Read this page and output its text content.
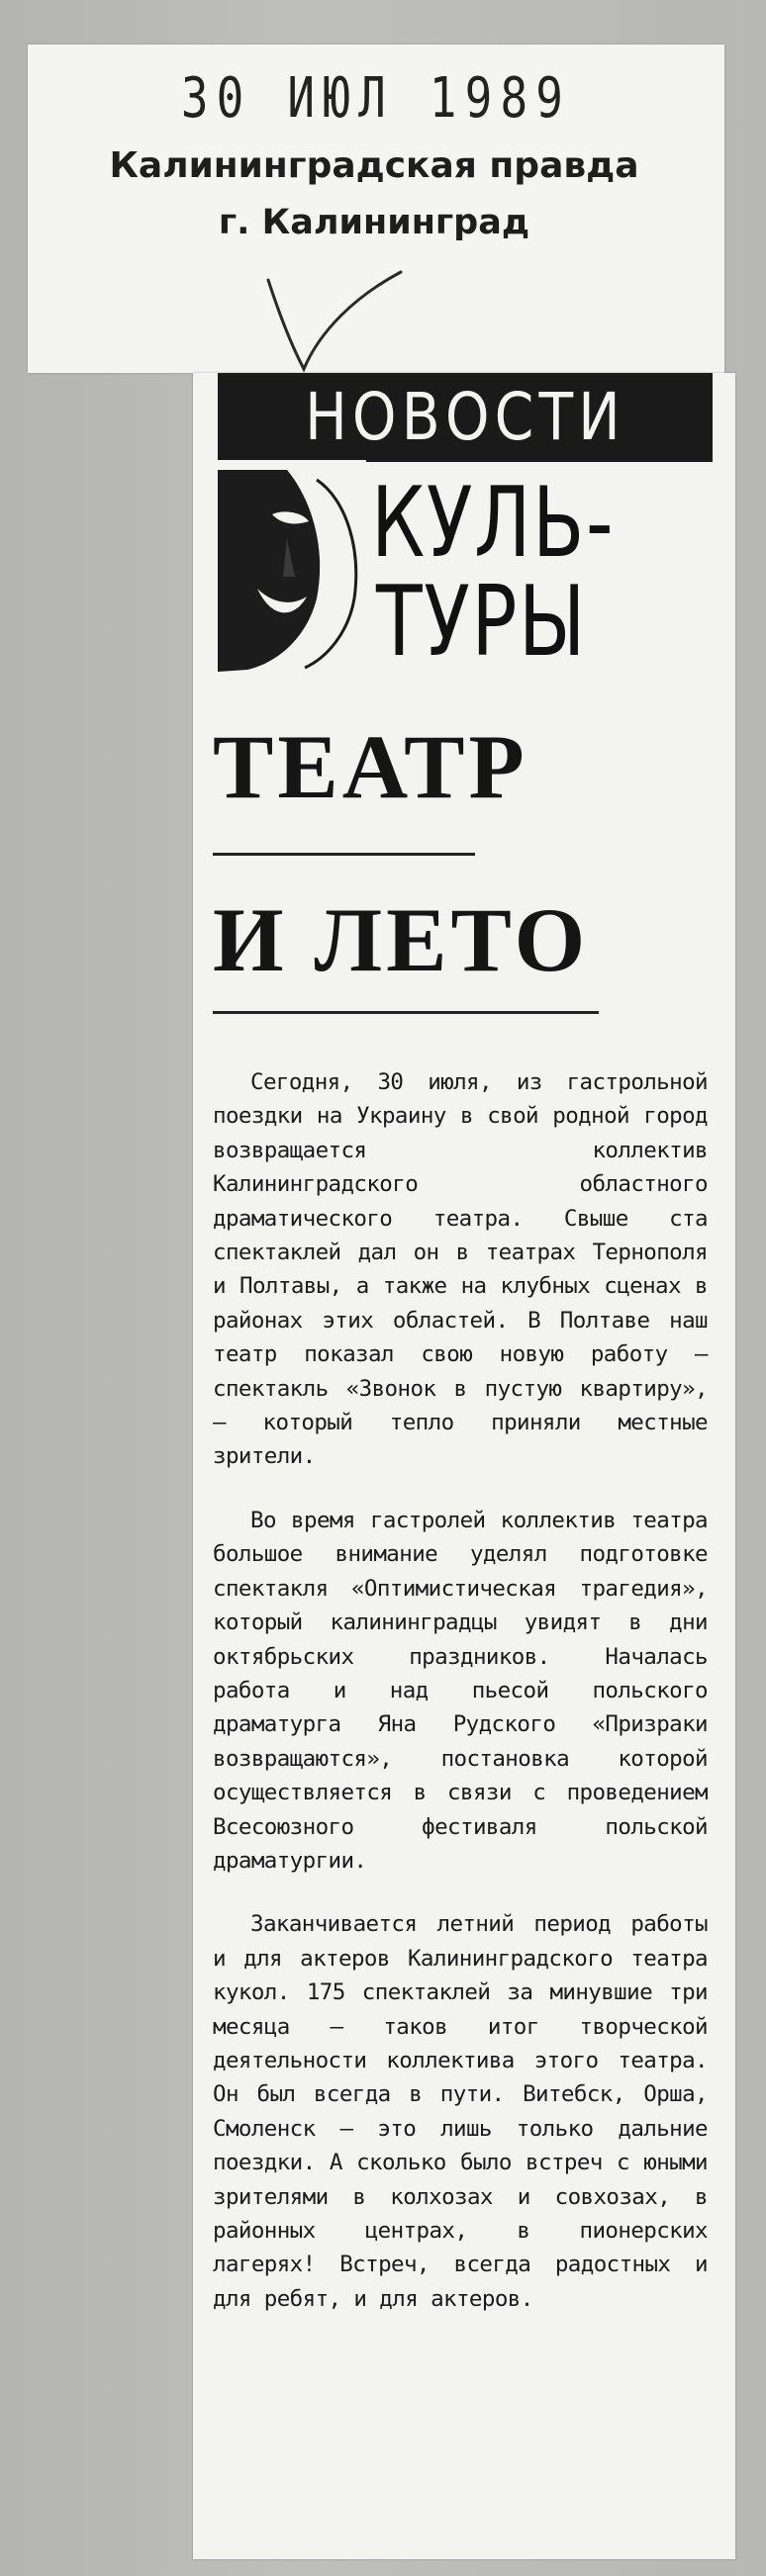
30 ИЮЛ 1989
Калининградская правда
г. Калининград
НОВОСТИ
КУЛЬ-
ТУРЫ
ТЕАТР
И ЛЕТО

Сегодня, 30 июля, из гастрольной поездки на Украину в свой родной город возвращается коллектив Калининградского областного драматического театра. Свыше ста спектаклей дал он в театрах Тернополя и Полтавы, а также на клубных сценах в районах этих областей. В Полтаве наш театр показал свою новую работу — спектакль «Звонок в пустую квартиру», — который тепло приняли местные зрители.

Во время гастролей коллектив театра большое внимание уделял подготовке спектакля «Оптимистическая трагедия», который калининградцы увидят в дни октябрьских праздников. Началась работа и над пьесой польского драматурга Яна Рудского «Призраки возвращаются», постановка которой осуществляется в связи с проведением Всесоюзного фестиваля польской драматургии.

Заканчивается летний период работы и для актеров Калининградского театра кукол. 175 спектаклей за минувшие три месяца — таков итог творческой деятельности коллектива этого театра. Он был всегда в пути. Витебск, Орша, Смоленск — это лишь только дальние поездки. А сколько было встреч с юными зрителями в колхозах и совхозах, в районных центрах, в пионерских лагерях! Встреч, всегда радостных и для ребят, и для актеров.
